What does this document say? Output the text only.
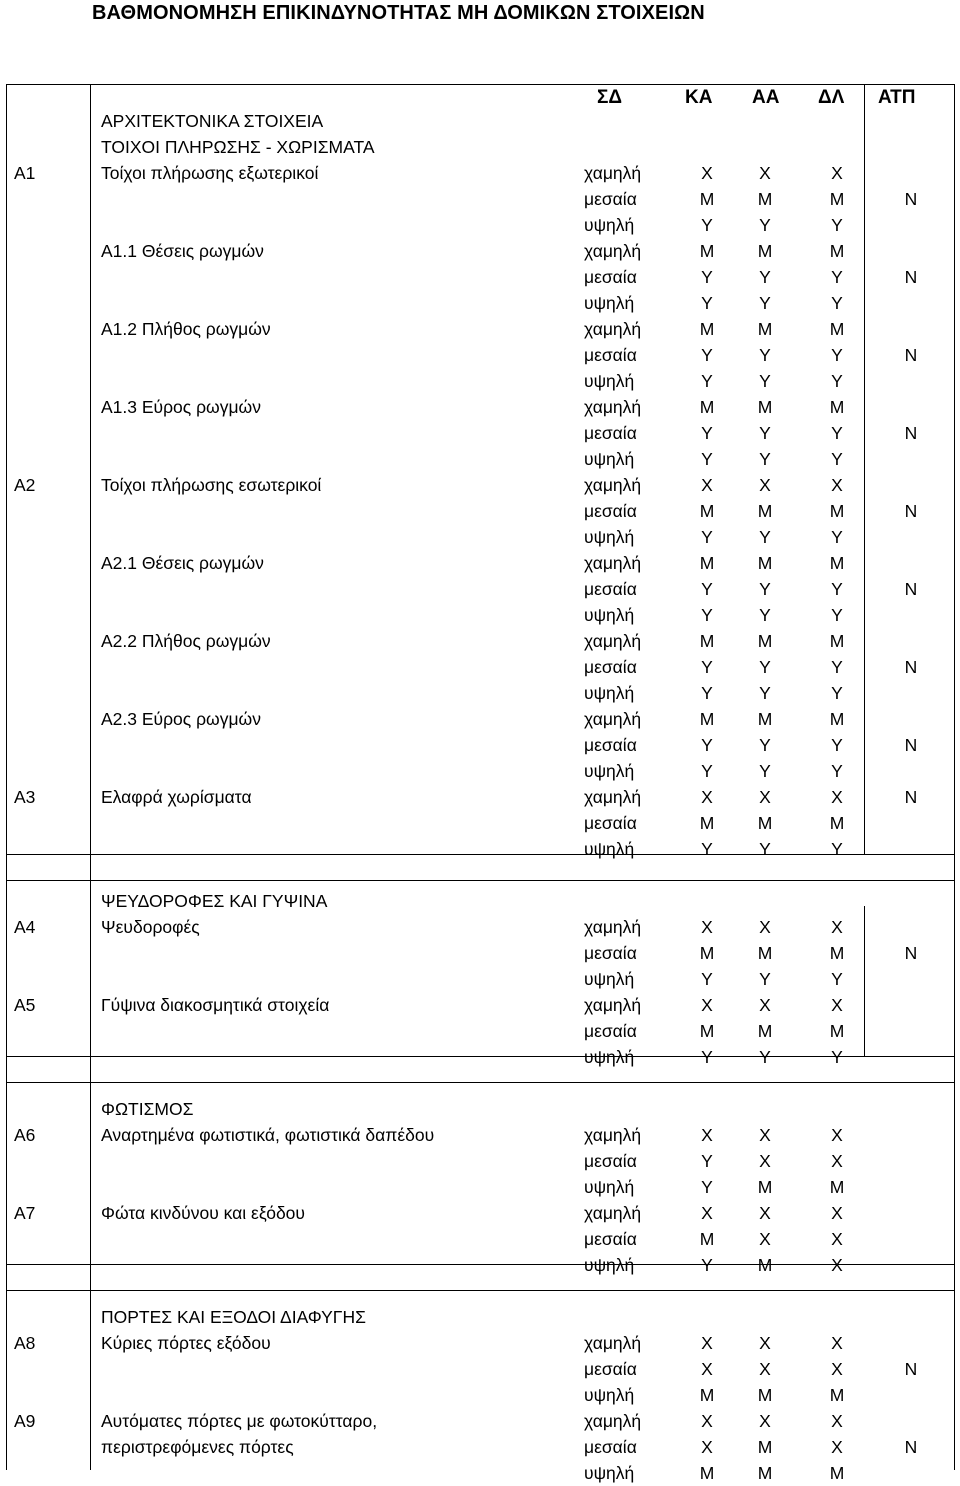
ΒΑΘΜΟΝΟΜΗΣΗ ΕΠΙΚΙΝΔΥΝΟΤΗΤΑΣ ΜΗ ΔΟΜΙΚΩΝ ΣΤΟΙΧΕΙΩΝ
ΣΔ	ΚΑ ΑΑ ΔΛ ΑΤΠ
ΑΡΧΙΤΕΚΤΟΝΙΚΑ ΣΤΟΙΧΕΙΑ
ΤΟΙΧΟΙ ΠΛΗΡΩΣΗΣ - ΧΩΡΙΣΜΑΤΑ
Α1	Τοίχοι πλήρωσης εξωτερικοί	χαμηλή	Χ	Χ	Χ
μεσαία	Μ Μ	Μ	Ν
υψηλή	Υ	Υ	Υ
Α1.1 Θέσεις ρωγμών	χαμηλή	Μ Μ	Μ
μεσαία	Υ	Υ	Υ	Ν
υψηλή	Υ	Υ	Υ
Α1.2 Πλήθος ρωγμών	χαμηλή	Μ Μ	Μ
μεσαία	Υ	Υ	Υ	Ν
υψηλή	Υ	Υ	Υ
Α1.3 Εύρος ρωγμών	χαμηλή	Μ Μ	Μ
μεσαία	Υ	Υ	Υ	Ν
υψηλή	Υ	Υ	Υ
Α2	Τοίχοι πλήρωσης εσωτερικοί	χαμηλή	Χ	Χ	Χ
μεσαία	Μ Μ	Μ	Ν
υψηλή	Υ	Υ	Υ
Α2.1 Θέσεις ρωγμών	χαμηλή	Μ Μ	Μ
μεσαία	Υ	Υ	Υ	Ν
υψηλή	Υ	Υ	Υ
Α2.2 Πλήθος ρωγμών	χαμηλή	Μ Μ	Μ
μεσαία	Υ	Υ	Υ	Ν
υψηλή	Υ	Υ	Υ
Α2.3 Εύρος ρωγμών	χαμηλή	Μ Μ	Μ
μεσαία	Υ	Υ	Υ	Ν
υψηλή	Υ	Υ	Υ
Α3	Ελαφρά χωρίσματα	χαμηλή	Χ	Χ	Χ	Ν
μεσαία	Μ Μ	Μ
υψηλή	Υ	Υ	Υ
ΨΕΥΔΟΡΟΦΕΣ ΚΑΙ ΓΥΨΙΝΑ
Α4	Ψευδοροφές	χαμηλή	Χ	Χ	Χ
μεσαία	Μ Μ	Μ	Ν
υψηλή	Υ	Υ	Υ
Α5	Γύψινα διακοσμητικά στοιχεία	χαμηλή	Χ	Χ	Χ
μεσαία	Μ Μ	Μ
υψηλή	Υ	Υ	Υ
ΦΩΤΙΣΜΟΣ
Α6	Αναρτημένα φωτιστικά, φωτιστικά δαπέδου	χαμηλή	Χ	Χ	Χ
μεσαία	Υ	Χ	Χ
υψηλή	Υ	Μ	Μ
Α7	Φώτα κινδύνου και εξόδου	χαμηλή	Χ	Χ	Χ
μεσαία	Μ	Χ	Χ
υψηλή	Υ	Μ	Χ
ΠΟΡΤΕΣ ΚΑΙ ΕΞΟΔΟΙ ΔΙΑΦΥΓΗΣ
Α8	Κύριες πόρτες εξόδου	χαμηλή	Χ	Χ	Χ
μεσαία	Χ	Χ	Χ	Ν
υψηλή	Μ Μ	Μ
Α9	Αυτόματες πόρτες με φωτοκύτταρο,	χαμηλή	Χ	Χ	Χ
περιστρεφόμενες πόρτες	μεσαία	Χ	Μ	Χ	Ν
υψηλή	Μ Μ	Μ
